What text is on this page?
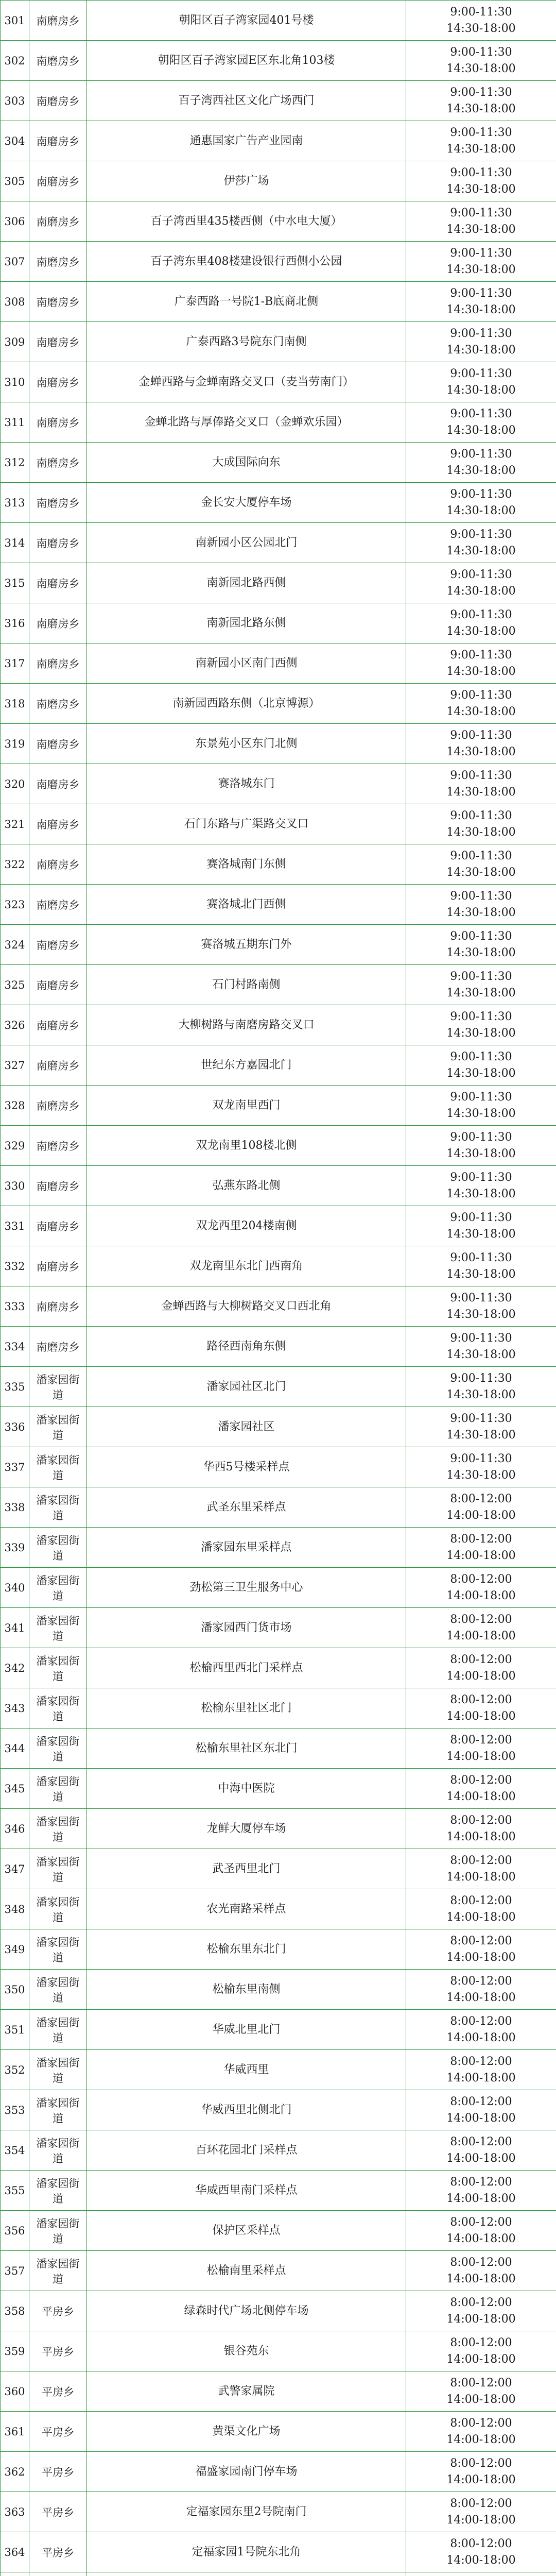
301	南磨房乡	朝阳区百子湾家园401号楼	9:00-11:30
14:30-18:00
302	南磨房乡	朝阳区百子湾家园E区东北角103楼	9:00-11:30
14:30-18:00
303	南磨房乡	百子湾西社区文化广场西门	9:00-11:30
14:30-18:00
304	南磨房乡	通惠国家广告产业园南	9:00-11:30
14:30-18:00
305	南磨房乡	伊莎广场	9:00-11:30
14:30-18:00
306	南磨房乡	百子湾西里435楼西侧（中水电大厦）	9:00-11:30
14:30-18:00
307	南磨房乡	百子湾东里408楼建设银行西侧小公园	9:00-11:30
14:30-18:00
308	南磨房乡	广泰西路一号院1-B底商北侧	9:00-11:30
14:30-18:00
309	南磨房乡	广泰西路3号院东门南侧	9:00-11:30
14:30-18:00
310	南磨房乡	金蝉西路与金蝉南路交叉口（麦当劳南门）	9:00-11:30
14:30-18:00
311	南磨房乡	金蝉北路与厚俸路交叉口（金蝉欢乐园）	9:00-11:30
14:30-18:00
312	南磨房乡	大成国际向东	9:00-11:30
14:30-18:00
313	南磨房乡	金长安大厦停车场	9:00-11:30
14:30-18:00
314	南磨房乡	南新园小区公园北门	9:00-11:30
14:30-18:00
315	南磨房乡	南新园北路西侧	9:00-11:30
14:30-18:00
316	南磨房乡	南新园北路东侧	9:00-11:30
14:30-18:00
317	南磨房乡	南新园小区南门西侧	9:00-11:30
14:30-18:00
318	南磨房乡	南新园西路东侧（北京博源）	9:00-11:30
14:30-18:00
319	南磨房乡	东景苑小区东门北侧	9:00-11:30
14:30-18:00
320	南磨房乡	赛洛城东门	9:00-11:30
14:30-18:00
321	南磨房乡	石门东路与广渠路交叉口	9:00-11:30
14:30-18:00
322	南磨房乡	赛洛城南门东侧	9:00-11:30
14:30-18:00
323	南磨房乡	赛洛城北门西侧	9:00-11:30
14:30-18:00
324	南磨房乡	赛洛城五期东门外	9:00-11:30
14:30-18:00
325	南磨房乡	石门村路南侧	9:00-11:30
14:30-18:00
326	南磨房乡	大柳树路与南磨房路交叉口	9:00-11:30
14:30-18:00
327	南磨房乡	世纪东方嘉园北门	9:00-11:30
14:30-18:00
328	南磨房乡	双龙南里西门	9:00-11:30
14:30-18:00
329	南磨房乡	双龙南里108楼北侧	9:00-11:30
14:30-18:00
330	南磨房乡	弘燕东路北侧	9:00-11:30
14:30-18:00
331	南磨房乡	双龙西里204楼南侧	9:00-11:30
14:30-18:00
332	南磨房乡	双龙南里东北门西南角	9:00-11:30
14:30-18:00
333	南磨房乡	金蝉西路与大柳树路交叉口西北角	9:00-11:30
14:30-18:00
334	南磨房乡	路径西南角东侧	9:00-11:30
14:30-18:00
335	潘家园街道	潘家园社区北门	9:00-11:30
14:30-18:00
336	潘家园街道	潘家园社区	9:00-11:30
14:30-18:00
337	潘家园街道	华西5号楼采样点	9:00-11:30
14:30-18:00
338	潘家园街道	武圣东里采样点	8:00-12:00
14:00-18:00
339	潘家园街道	潘家园东里采样点	8:00-12:00
14:00-18:00
340	潘家园街道	劲松第三卫生服务中心	8:00-12:00
14:00-18:00
341	潘家园街道	潘家园西门货市场	8:00-12:00
14:00-18:00
342	潘家园街道	松榆西里西北门采样点	8:00-12:00
14:00-18:00
343	潘家园街道	松榆东里社区北门	8:00-12:00
14:00-18:00
344	潘家园街道	松榆东里社区东北门	8:00-12:00
14:00-18:00
345	潘家园街道	中海中医院	8:00-12:00
14:00-18:00
346	潘家园街道	龙鲜大厦停车场	8:00-12:00
14:00-18:00
347	潘家园街道	武圣西里北门	8:00-12:00
14:00-18:00
348	潘家园街道	农光南路采样点	8:00-12:00
14:00-18:00
349	潘家园街道	松榆东里东北门	8:00-12:00
14:00-18:00
350	潘家园街道	松榆东里南侧	8:00-12:00
14:00-18:00
351	潘家园街道	华威北里北门	8:00-12:00
14:00-18:00
352	潘家园街道	华威西里	8:00-12:00
14:00-18:00
353	潘家园街道	华威西里北侧北门	8:00-12:00
14:00-18:00
354	潘家园街道	百环花园北门采样点	8:00-12:00
14:00-18:00
355	潘家园街道	华威西里南门采样点	8:00-12:00
14:00-18:00
356	潘家园街道	保护区采样点	8:00-12:00
14:00-18:00
357	潘家园街道	松榆南里采样点	8:00-12:00
14:00-18:00
358	平房乡	绿森时代广场北侧停车场	8:00-12:00
14:00-18:00
359	平房乡	银谷苑东	8:00-12:00
14:00-18:00
360	平房乡	武警家属院	8:00-12:00
14:00-18:00
361	平房乡	黄渠文化广场	8:00-12:00
14:00-18:00
362	平房乡	福盛家园南门停车场	8:00-12:00
14:00-18:00
363	平房乡	定福家园东里2号院南门	8:00-12:00
14:00-18:00
364	平房乡	定福家园1号院东北角	8:00-12:00
14:00-18:00
